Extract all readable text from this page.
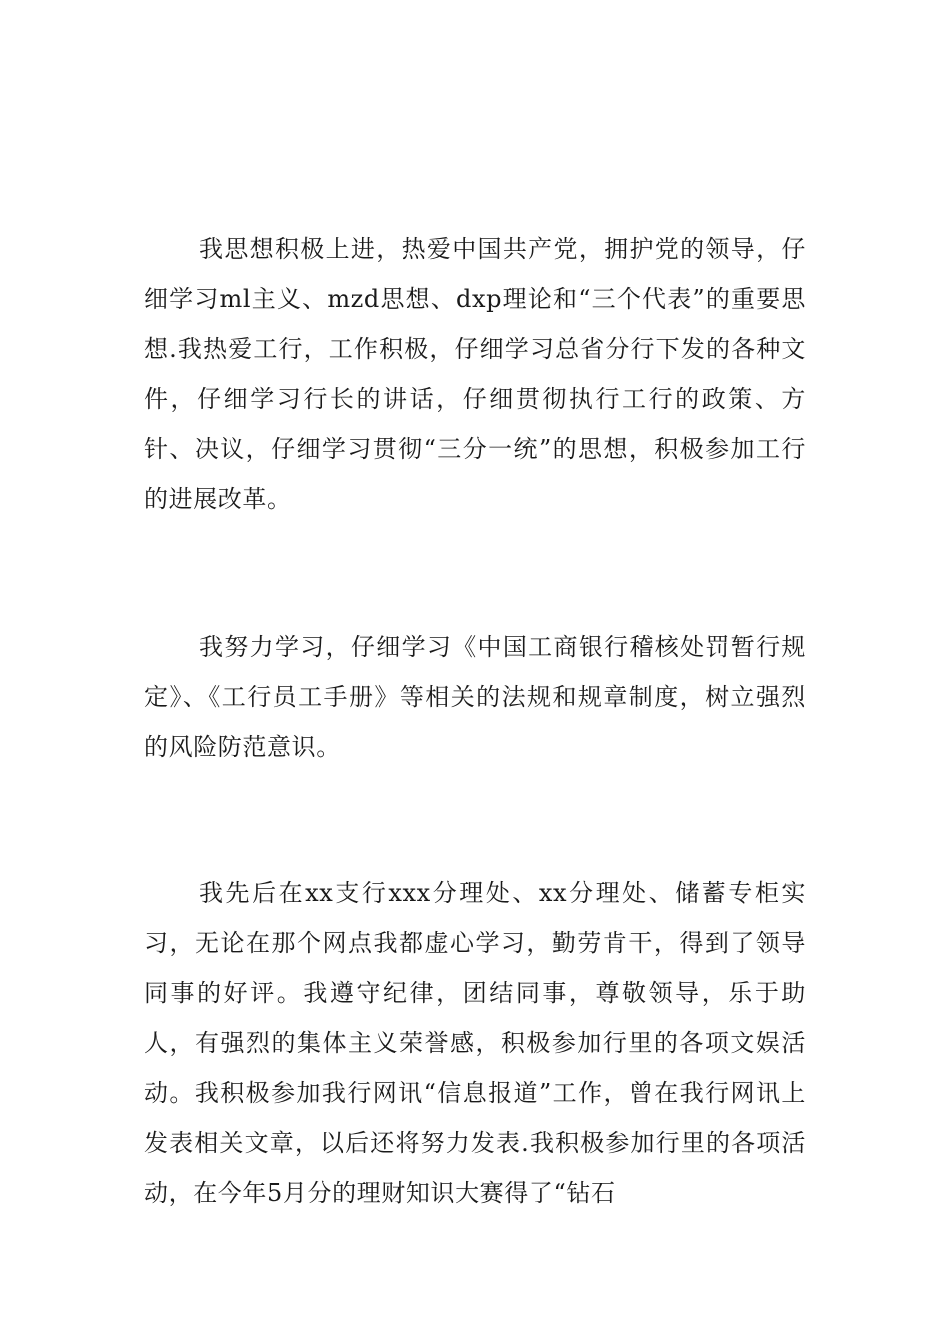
我思想积极上进，热爱中国共产党，拥护党的领导，仔细学习ml主义、mzd思想、dxp理论和“三个代表”的重要思想.我热爱工行，工作积极，仔细学习总省分行下发的各种文件，仔细学习行长的讲话，仔细贯彻执行工行的政策、方针、决议，仔细学习贯彻“三分一统”的思想，积极参加工行的进展改革。

我努力学习，仔细学习《中国工商银行稽核处罚暂行规定》、《工行员工手册》等相关的法规和规章制度，树立强烈的风险防范意识。

我先后在xx支行xxx分理处、xx分理处、储蓄专柜实习，无论在那个网点我都虚心学习，勤劳肯干，得到了领导同事的好评。我遵守纪律，团结同事，尊敬领导，乐于助人，有强烈的集体主义荣誉感，积极参加行里的各项文娱活动。我积极参加我行网讯“信息报道”工作，曾在我行网讯上发表相关文章，以后还将努力发表.我积极参加行里的各项活动，在今年5月分的理财知识大赛得了“钻石
